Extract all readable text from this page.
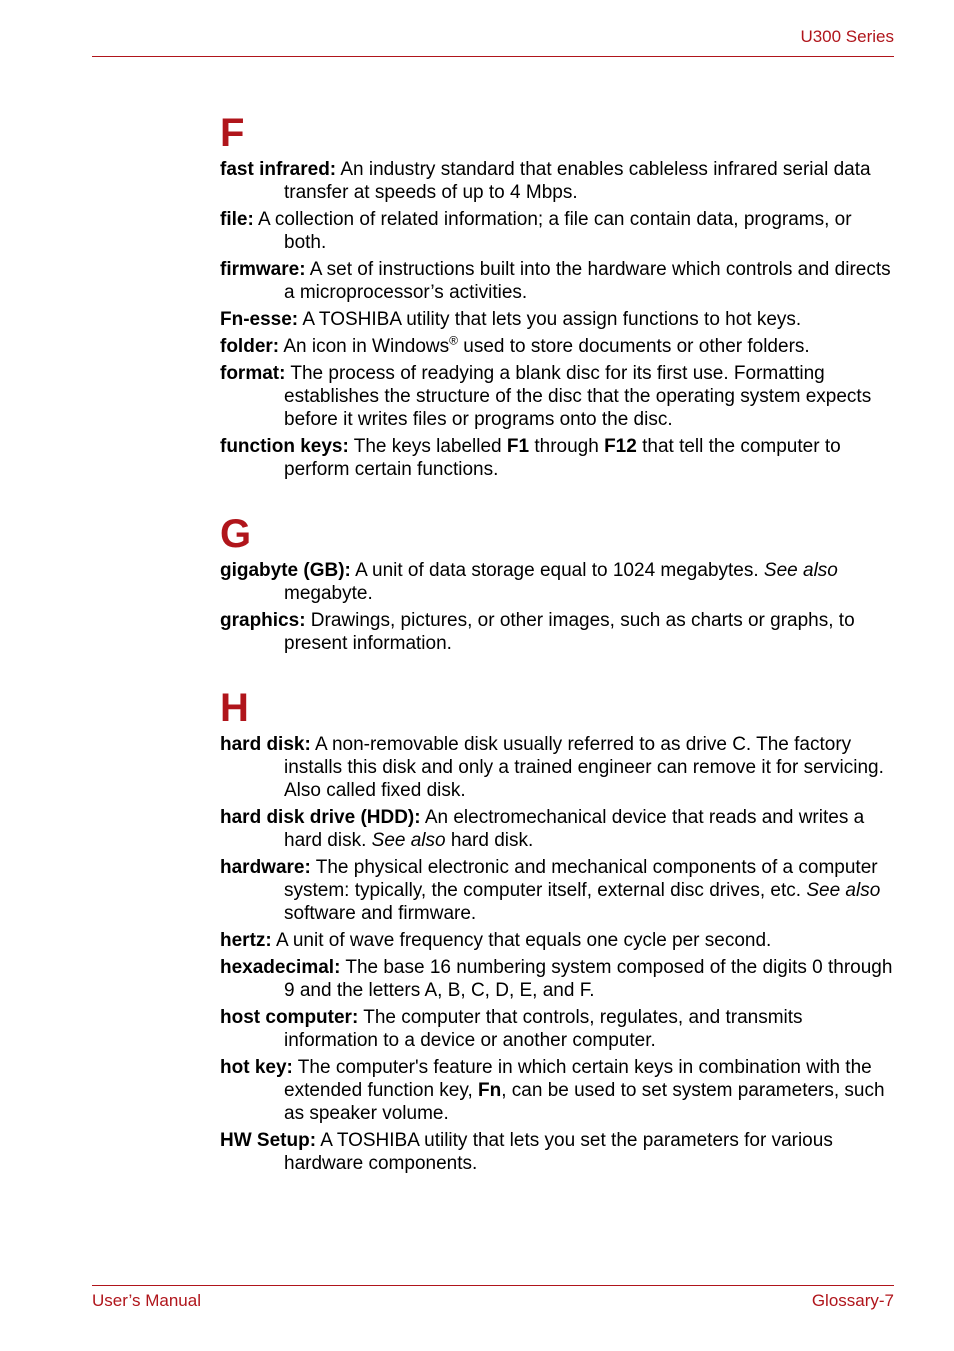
U300 Series
F
fast infrared: An industry standard that enables cableless infrared serial data transfer at speeds of up to 4 Mbps.
file: A collection of related information; a file can contain data, programs, or both.
firmware: A set of instructions built into the hardware which controls and directs a microprocessor’s activities.
Fn-esse: A TOSHIBA utility that lets you assign functions to hot keys.
folder: An icon in Windows® used to store documents or other folders.
format: The process of readying a blank disc for its first use. Formatting establishes the structure of the disc that the operating system expects before it writes files or programs onto the disc.
function keys: The keys labelled F1 through F12 that tell the computer to perform certain functions.
G
gigabyte (GB): A unit of data storage equal to 1024 megabytes. See also megabyte.
graphics: Drawings, pictures, or other images, such as charts or graphs, to present information.
H
hard disk: A non-removable disk usually referred to as drive C. The factory installs this disk and only a trained engineer can remove it for servicing. Also called fixed disk.
hard disk drive (HDD): An electromechanical device that reads and writes a hard disk. See also hard disk.
hardware: The physical electronic and mechanical components of a computer system: typically, the computer itself, external disc drives, etc. See also software and firmware.
hertz: A unit of wave frequency that equals one cycle per second.
hexadecimal: The base 16 numbering system composed of the digits 0 through 9 and the letters A, B, C, D, E, and F.
host computer: The computer that controls, regulates, and transmits information to a device or another computer.
hot key: The computer's feature in which certain keys in combination with the extended function key, Fn, can be used to set system parameters, such as speaker volume.
HW Setup: A TOSHIBA utility that lets you set the parameters for various hardware components.
User’s Manual	Glossary-7
